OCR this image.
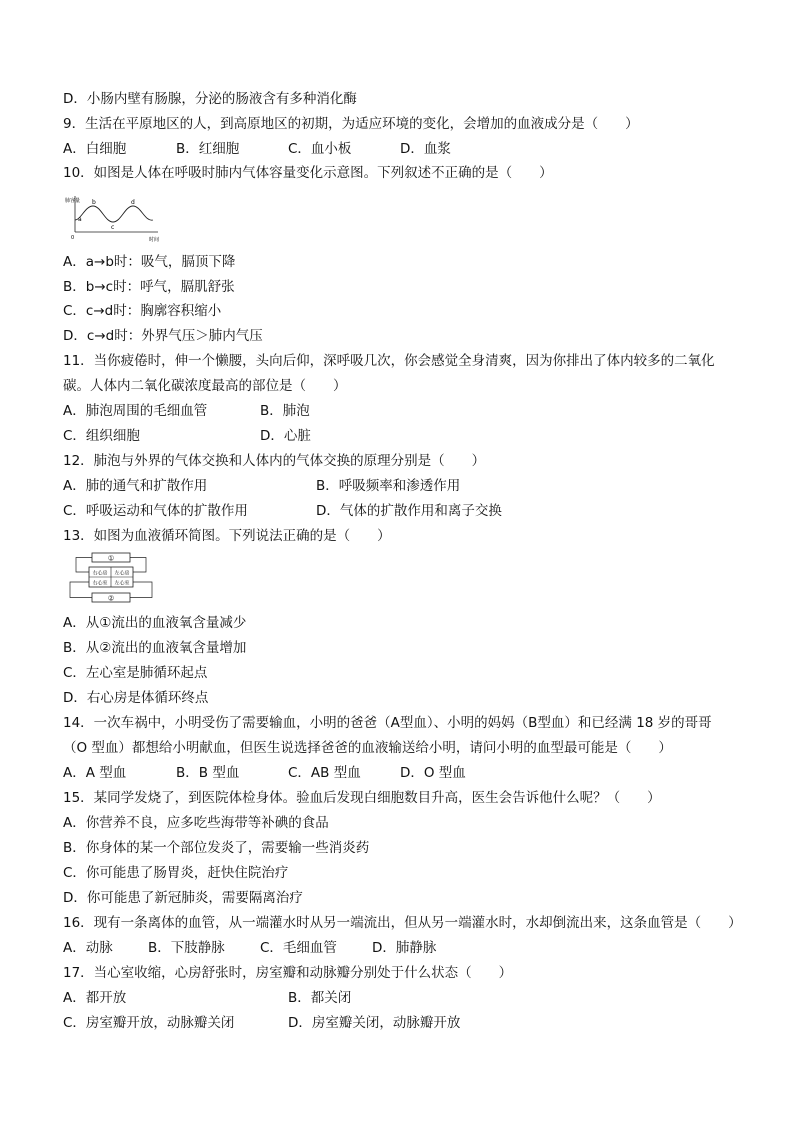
D．小肠内壁有肠腺，分泌的肠液含有多种消化酶
9．生活在平原地区的人，到高原地区的初期，为适应环境的变化，会增加的血液成分是（　　）
A．白细胞	B．红细胞	C．血小板	D．血浆
10．如图是人体在呼吸时肺内气体容量变化示意图。下列叙述不正确的是（　　）
肺容量
0	时间
a
b
c
d
A．a→b时：吸气，膈顶下降
B．b→c时：呼气，膈肌舒张
C．c→d时：胸廓容积缩小
D．c→d时：外界气压＞肺内气压
11．当你疲倦时，伸一个懒腰，头向后仰，深呼吸几次，你会感觉全身清爽，因为你排出了体内较多的二氧化
碳。人体内二氧化碳浓度最高的部位是（　　）
A．肺泡周围的毛细血管	B．肺泡
C．组织细胞	D．心脏
12．肺泡与外界的气体交换和人体内的气体交换的原理分别是（　　）
A．肺的通气和扩散作用	B．呼吸频率和渗透作用
C．呼吸运动和气体的扩散作用	D．气体的扩散作用和离子交换
13．如图为血液循环简图。下列说法正确的是（　　）
①
②
右心房 左心房
右心室 左心室
A．从①流出的血液氧含量减少
B．从②流出的血液氧含量增加
C．左心室是肺循环起点
D．右心房是体循环终点
14．一次车祸中，小明受伤了需要输血，小明的爸爸（A型血）、小明的妈妈（B型血）和已经满 18 岁的哥哥
（O 型血）都想给小明献血，但医生说选择爸爸的血液输送给小明，请问小明的血型最可能是（　　）
A．A 型血	B．B 型血	C．AB 型血	D．O 型血
15．某同学发烧了，到医院体检身体。验血后发现白细胞数目升高，医生会告诉他什么呢？（　　）
A．你营养不良，应多吃些海带等补碘的食品
B．你身体的某一个部位发炎了，需要输一些消炎药
C．你可能患了肠胃炎，赶快住院治疗
D．你可能患了新冠肺炎，需要隔离治疗
16．现有一条离体的血管，从一端灌水时从另一端流出，但从另一端灌水时，水却倒流出来，这条血管是（　　）
A．动脉	B．下肢静脉	C．毛细血管	D．肺静脉
17．当心室收缩，心房舒张时，房室瓣和动脉瓣分别处于什么状态（　　）
A．都开放	B．都关闭
C．房室瓣开放，动脉瓣关闭	D．房室瓣关闭，动脉瓣开放
